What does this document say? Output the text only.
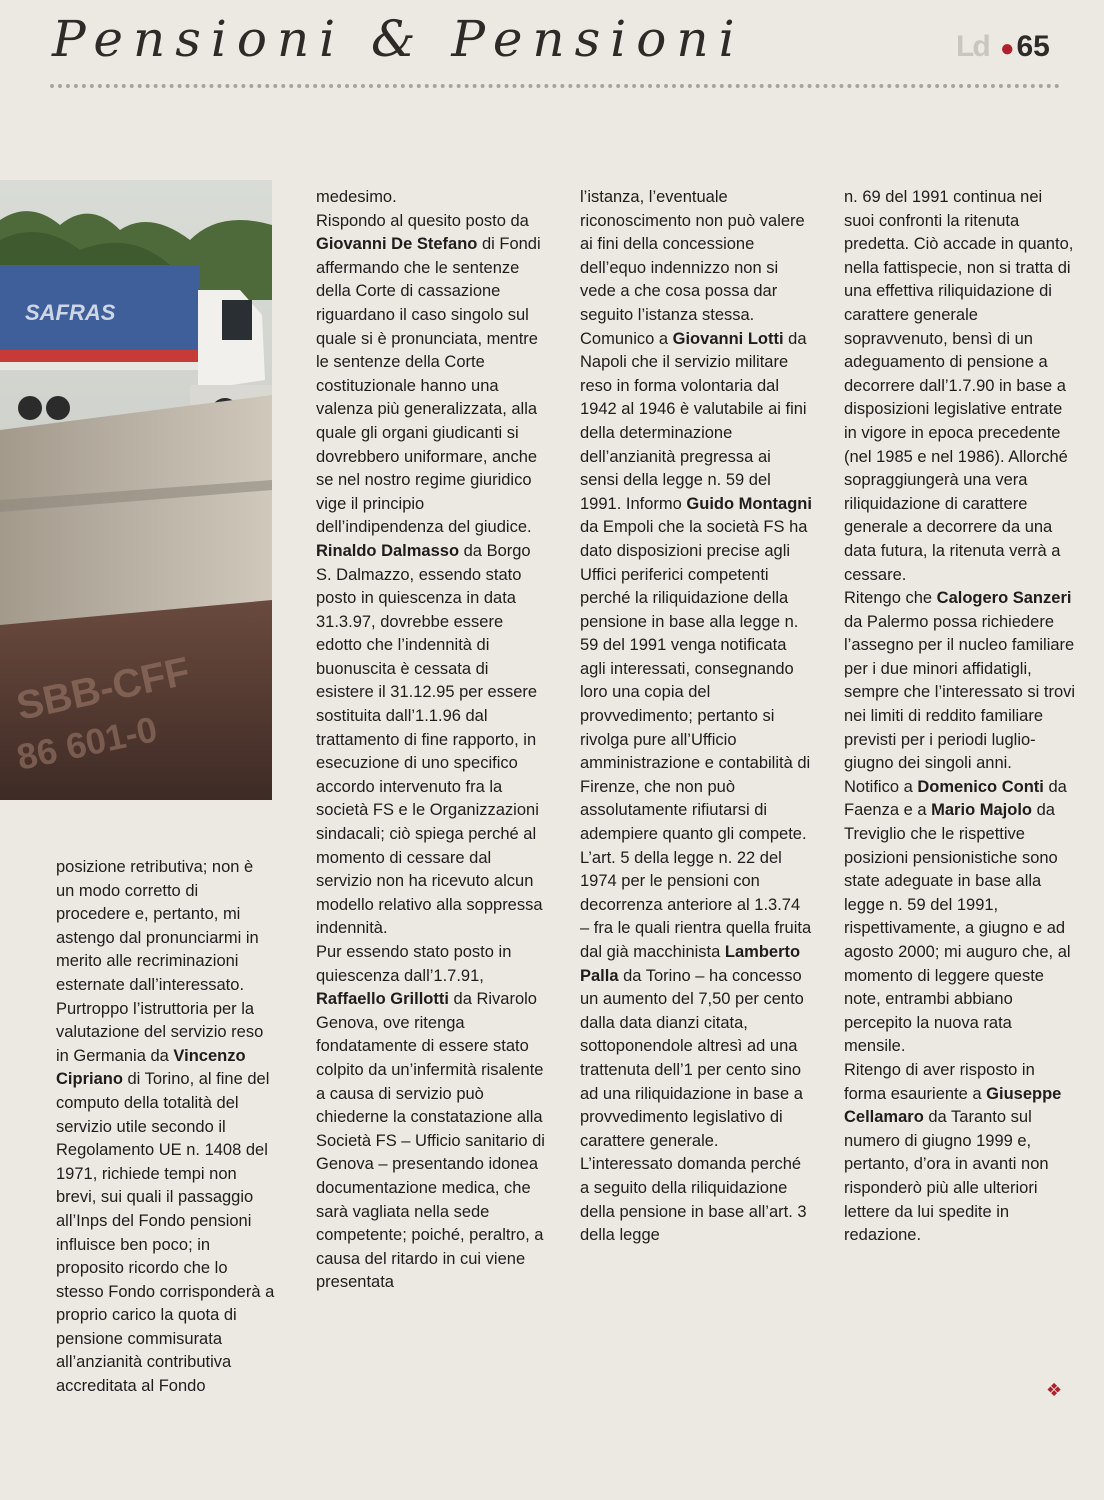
Pensioni & Pensioni	Ld ●65
SAFRAS
SBB-CFF
86 601-0

posizione retributiva; non è un modo corretto di procedere e, pertanto, mi astengo dal pronunciarmi in merito alle recriminazioni esternate dall’interessato.

Purtroppo l’istruttoria per la valutazione del servizio reso in Germania da Vincenzo Cipriano di Torino, al fine del computo della totalità del servizio utile secondo il Regolamento UE n. 1408 del 1971, richiede tempi non brevi, sui quali il passaggio all’Inps del Fondo pensioni influisce ben poco; in proposito ricordo che lo stesso Fondo corrisponderà a proprio carico la quota di pensione commisurata all’anzianità contributiva accreditata al Fondo

medesimo.

Rispondo al quesito posto da Giovanni De Stefano di Fondi affermando che le sentenze della Corte di cassazione riguardano il caso singolo sul quale si è pronunciata, mentre le sentenze della Corte costituzionale hanno una valenza più generalizzata, alla quale gli organi giudicanti si dovrebbero uniformare, anche se nel nostro regime giuridico vige il principio dell’indipendenza del giudice.

Rinaldo Dalmasso da Borgo S. Dalmazzo, essendo stato posto in quiescenza in data 31.3.97, dovrebbe essere edotto che l’indennità di buonuscita è cessata di esistere il 31.12.95 per essere sostituita dall’1.1.96 dal trattamento di fine rapporto, in esecuzione di uno specifico accordo intervenuto fra la società FS e le Organizzazioni sindacali; ciò spiega perché al momento di cessare dal servizio non ha ricevuto alcun modello relativo alla soppressa indennità.

Pur essendo stato posto in quiescenza dall’1.7.91, Raffaello Grillotti da Rivarolo Genova, ove ritenga fondatamente di essere stato colpito da un’infermità risalente a causa di servizio può chiederne la constatazione alla Società FS – Ufficio sanitario di Genova – presentando idonea documentazione medica, che sarà vagliata nella sede competente; poiché, peraltro, a causa del ritardo in cui viene presentata

l’istanza, l’eventuale riconoscimento non può valere ai fini della concessione dell’equo indennizzo non si vede a che cosa possa dar seguito l’istanza stessa.

Comunico a Giovanni Lotti da Napoli che il servizio militare reso in forma volontaria dal 1942 al 1946 è valutabile ai fini della determinazione dell’anzianità pregressa ai sensi della legge n. 59 del 1991. Informo Guido Montagni da Empoli che la società FS ha dato disposizioni precise agli Uffici periferici competenti perché la riliquidazione della pensione in base alla legge n. 59 del 1991 venga notificata agli interessati, consegnando loro una copia del provvedimento; pertanto si rivolga pure all’Ufficio amministrazione e contabilità di Firenze, che non può assolutamente rifiutarsi di adempiere quanto gli compete.

L’art. 5 della legge n. 22 del 1974 per le pensioni con decorrenza anteriore al 1.3.74 – fra le quali rientra quella fruita dal già macchinista Lamberto Palla da Torino – ha concesso un aumento del 7,50 per cento dalla data dianzi citata, sottoponendole altresì ad una trattenuta dell’1 per cento sino ad una riliquidazione in base a provvedimento legislativo di carattere generale.

L’interessato domanda perché a seguito della riliquidazione della pensione in base all’art. 3 della legge

n. 69 del 1991 continua nei suoi confronti la ritenuta predetta. Ciò accade in quanto, nella fattispecie, non si tratta di una effettiva riliquidazione di carattere generale sopravvenuto, bensì di un adeguamento di pensione a decorrere dall’1.7.90 in base a disposizioni legislative entrate in vigore in epoca precedente (nel 1985 e nel 1986). Allorché sopraggiungerà una vera riliquidazione di carattere generale a decorrere da una data futura, la ritenuta verrà a cessare.

Ritengo che Calogero Sanzeri da Palermo possa richiedere l’assegno per il nucleo familiare per i due minori affidatigli, sempre che l’interessato si trovi nei limiti di reddito familiare previsti per i periodi luglio-giugno dei singoli anni.

Notifico a Domenico Conti da Faenza e a Mario Majolo da Treviglio che le rispettive posizioni pensionistiche sono state adeguate in base alla legge n. 59 del 1991, rispettivamente, a giugno e ad agosto 2000; mi auguro che, al momento di leggere queste note, entrambi abbiano percepito la nuova rata mensile.

Ritengo di aver risposto in forma esauriente a Giuseppe Cellamaro da Taranto sul numero di giugno 1999 e, pertanto, d’ora in avanti non risponderò più alle ulteriori lettere da lui spedite in redazione.

❖
